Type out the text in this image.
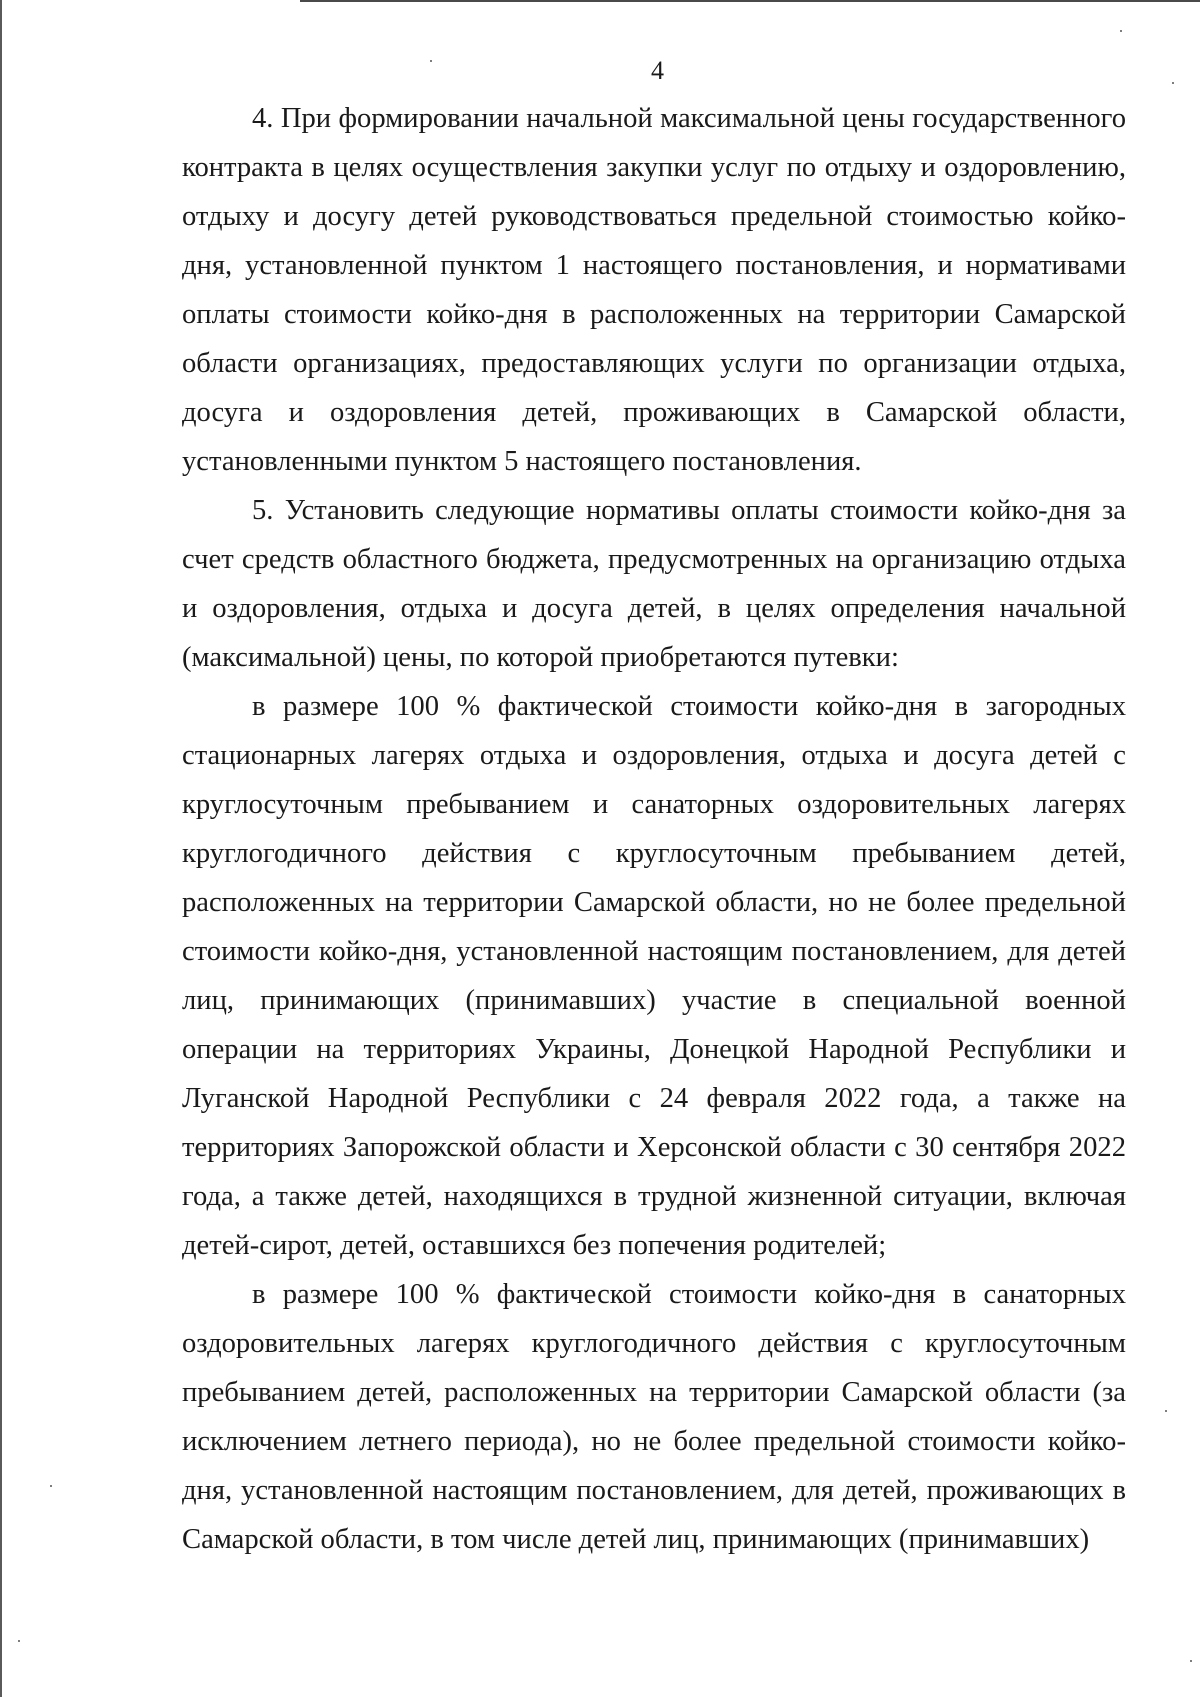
4

4. При формировании начальной максимальной цены государственного контракта в целях осуществления закупки услуг по отдыху и оздоровлению, отдыху и досугу детей руководствоваться предельной стоимостью койко-дня, установленной пунктом 1 настоящего постановления, и нормативами оплаты стоимости койко-дня в расположенных на территории Самарской области организациях, предоставляющих услуги по организации отдыха, досуга и оздоровления детей, проживающих в Самарской области, установленными пунктом 5 настоящего постановления.

5. Установить следующие нормативы оплаты стоимости койко-дня за счет средств областного бюджета, предусмотренных на организацию отдыха и оздоровления, отдыха и досуга детей, в целях определения начальной (максимальной) цены, по которой приобретаются путевки:

в размере 100 % фактической стоимости койко-дня в загородных стационарных лагерях отдыха и оздоровления, отдыха и досуга детей с круглосуточным пребыванием и санаторных оздоровительных лагерях круглогодичного действия с круглосуточным пребыванием детей, расположенных на территории Самарской области, но не более предельной стоимости койко-дня, установленной настоящим постановлением, для детей лиц, принимающих (принимавших) участие в специальной военной операции на территориях Украины, Донецкой Народной Республики и Луганской Народной Республики с 24 февраля 2022 года, а также на территориях Запорожской области и Херсонской области с 30 сентября 2022 года, а также детей, находящихся в трудной жизненной ситуации, включая детей-сирот, детей, оставшихся без попечения родителей;

в размере 100 % фактической стоимости койко-дня в санаторных оздоровительных лагерях круглогодичного действия с круглосуточным пребыванием детей, расположенных на территории Самарской области (за исключением летнего периода), но не более предельной стоимости койко-дня, установленной настоящим постановлением, для детей, проживающих в Самарской области, в том числе детей лиц, принимающих (принимавших)
